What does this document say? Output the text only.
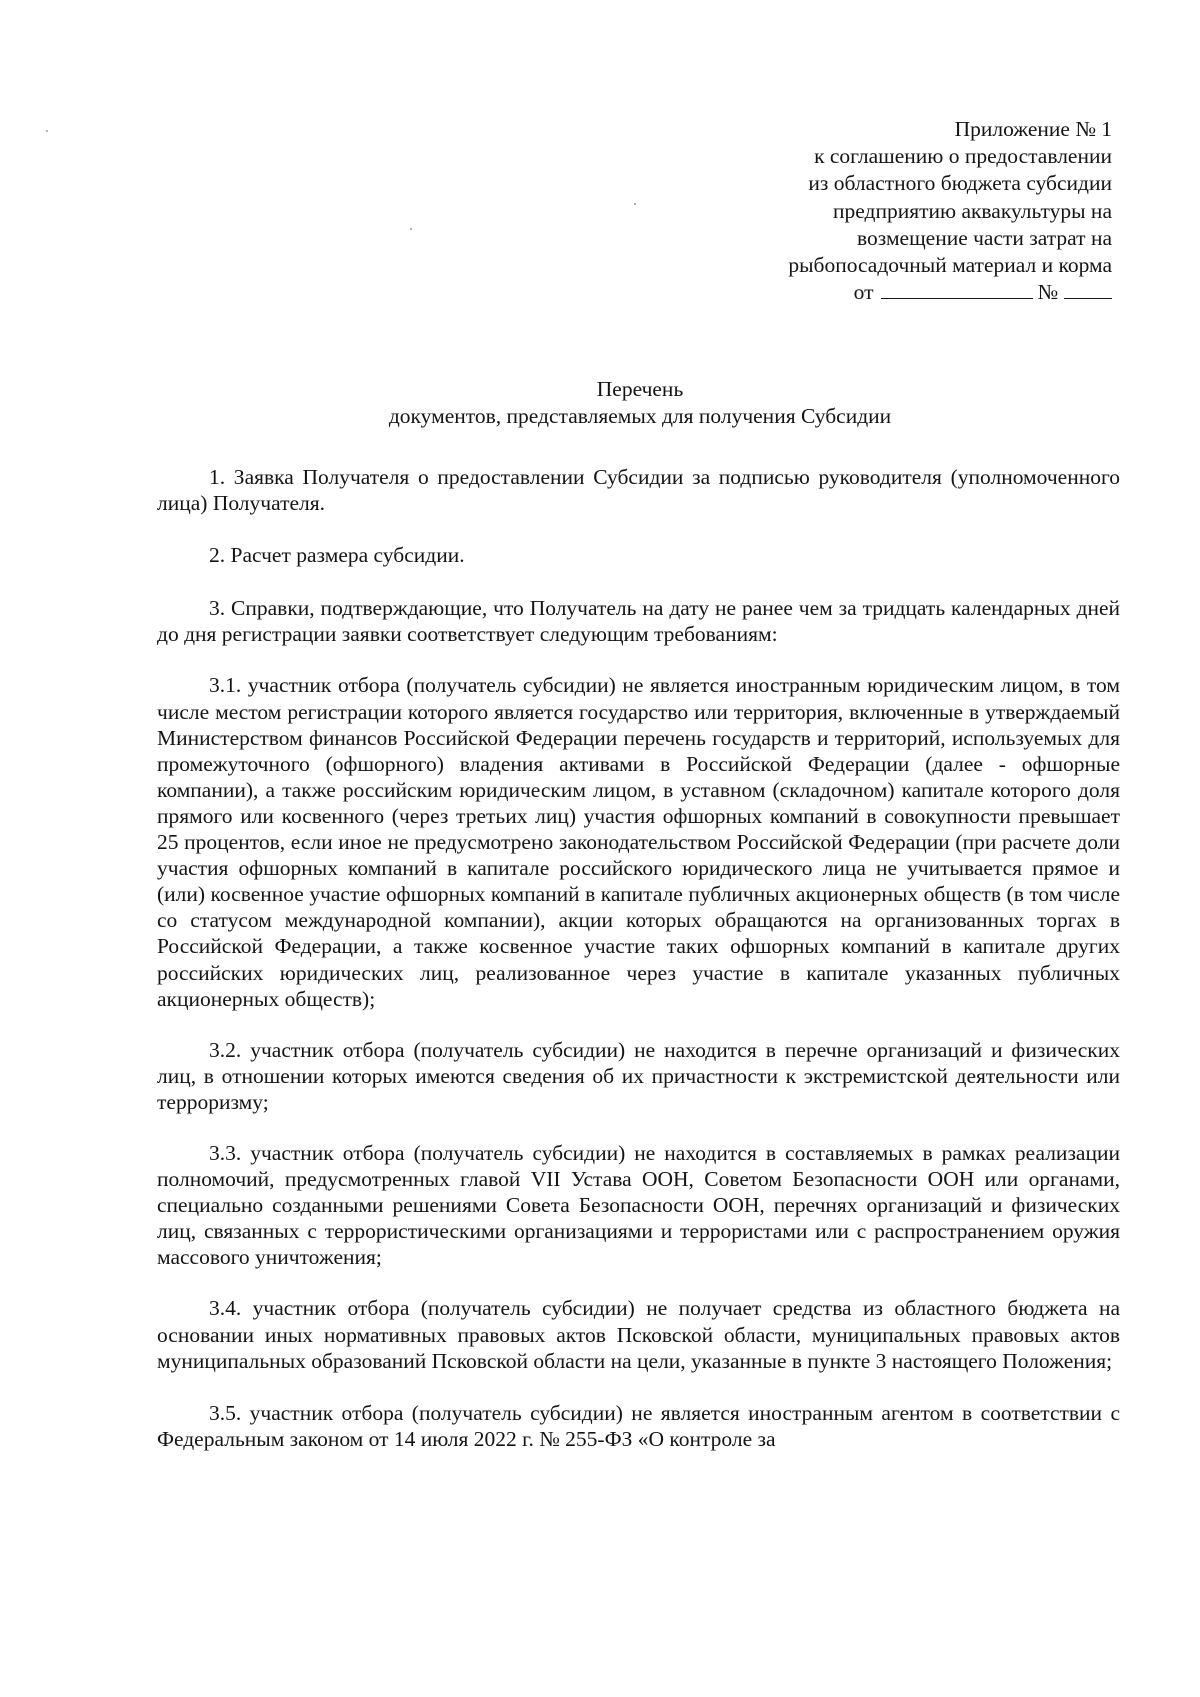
Приложение № 1
к соглашению о предоставлении
из областного бюджета субсидии
предприятию аквакультуры на
возмещение части затрат на
рыбопосадочный материал и корма
от	№
Перечень
документов, представляемых для получения Субсидии

1. Заявка Получателя о предоставлении Субсидии за подписью руководителя (уполномоченного лица) Получателя.

2. Расчет размера субсидии.

3. Справки, подтверждающие, что Получатель на дату не ранее чем за тридцать календарных дней до дня регистрации заявки соответствует следующим требованиям:

3.1. участник отбора (получатель субсидии) не является иностранным юридическим лицом, в том числе местом регистрации которого является государство или территория, включенные в утверждаемый Министерством финансов Российской Федерации перечень государств и территорий, используемых для промежуточного (офшорного) владения активами в Российской Федерации (далее - офшорные компании), а также российским юридическим лицом, в уставном (складочном) капитале которого доля прямого или косвенного (через третьих лиц) участия офшорных компаний в совокупности превышает 25 процентов, если иное не предусмотрено законодательством Российской Федерации (при расчете доли участия офшорных компаний в капитале российского юридического лица не учитывается прямое и (или) косвенное участие офшорных компаний в капитале публичных акционерных обществ (в том числе со статусом международной компании), акции которых обращаются на организованных торгах в Российской Федерации, а также косвенное участие таких офшорных компаний в капитале других российских юридических лиц, реализованное через участие в капитале указанных публичных акционерных обществ);

3.2. участник отбора (получатель субсидии) не находится в перечне организаций и физических лиц, в отношении которых имеются сведения об их причастности к экстремистской деятельности или терроризму;

3.3. участник отбора (получатель субсидии) не находится в составляемых в рамках реализации полномочий, предусмотренных главой VII Устава ООН, Советом Безопасности ООН или органами, специально созданными решениями Совета Безопасности ООН, перечнях организаций и физических лиц, связанных с террористическими организациями и террористами или с распространением оружия массового уничтожения;

3.4. участник отбора (получатель субсидии) не получает средства из областного бюджета на основании иных нормативных правовых актов Псковской области, муниципальных правовых актов муниципальных образований Псковской области на цели, указанные в пункте 3 настоящего Положения;

3.5. участник отбора (получатель субсидии) не является иностранным агентом в соответствии с Федеральным законом от 14 июля 2022 г. № 255-ФЗ «О контроле за
